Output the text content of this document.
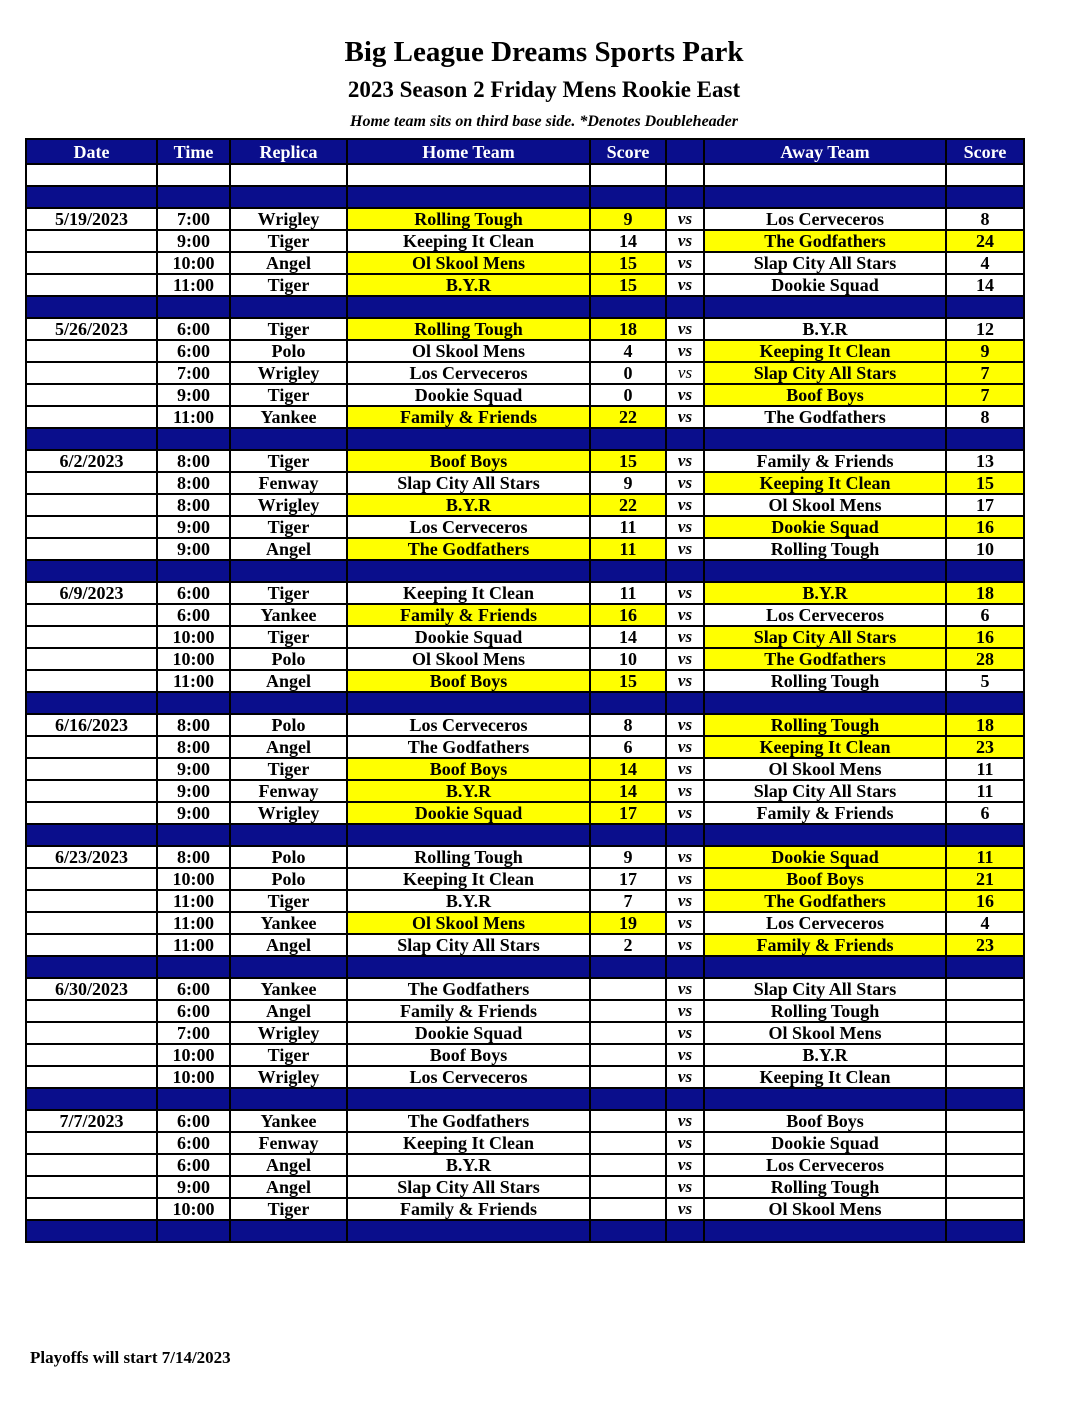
Big League Dreams Sports Park
2023 Season 2 Friday Mens Rookie East
Home team sits on third base side. *Denotes Doubleheader
Date	Time	Replica	Home Team	Score		Away Team	Score

5/19/2023	7:00	Wrigley	Rolling Tough	9	vs	Los Cerveceros	8
	9:00	Tiger	Keeping It Clean	14	vs	The Godfathers	24
	10:00	Angel	Ol Skool Mens	15	vs	Slap City All Stars	4
	11:00	Tiger	B.Y.R	15	vs	Dookie Squad	14

5/26/2023	6:00	Tiger	Rolling Tough	18	vs	B.Y.R	12
	6:00	Polo	Ol Skool Mens	4	vs	Keeping It Clean	9
	7:00	Wrigley	Los Cerveceros	0	vs	Slap City All Stars	7
	9:00	Tiger	Dookie Squad	0	vs	Boof Boys	7
	11:00	Yankee	Family & Friends	22	vs	The Godfathers	8

6/2/2023	8:00	Tiger	Boof Boys	15	vs	Family & Friends	13
	8:00	Fenway	Slap City All Stars	9	vs	Keeping It Clean	15
	8:00	Wrigley	B.Y.R	22	vs	Ol Skool Mens	17
	9:00	Tiger	Los Cerveceros	11	vs	Dookie Squad	16
	9:00	Angel	The Godfathers	11	vs	Rolling Tough	10

6/9/2023	6:00	Tiger	Keeping It Clean	11	vs	B.Y.R	18
	6:00	Yankee	Family & Friends	16	vs	Los Cerveceros	6
	10:00	Tiger	Dookie Squad	14	vs	Slap City All Stars	16
	10:00	Polo	Ol Skool Mens	10	vs	The Godfathers	28
	11:00	Angel	Boof Boys	15	vs	Rolling Tough	5

6/16/2023	8:00	Polo	Los Cerveceros	8	vs	Rolling Tough	18
	8:00	Angel	The Godfathers	6	vs	Keeping It Clean	23
	9:00	Tiger	Boof Boys	14	vs	Ol Skool Mens	11
	9:00	Fenway	B.Y.R	14	vs	Slap City All Stars	11
	9:00	Wrigley	Dookie Squad	17	vs	Family & Friends	6

6/23/2023	8:00	Polo	Rolling Tough	9	vs	Dookie Squad	11
	10:00	Polo	Keeping It Clean	17	vs	Boof Boys	21
	11:00	Tiger	B.Y.R	7	vs	The Godfathers	16
	11:00	Yankee	Ol Skool Mens	19	vs	Los Cerveceros	4
	11:00	Angel	Slap City All Stars	2	vs	Family & Friends	23

6/30/2023	6:00	Yankee	The Godfathers		vs	Slap City All Stars	
	6:00	Angel	Family & Friends		vs	Rolling Tough	
	7:00	Wrigley	Dookie Squad		vs	Ol Skool Mens	
	10:00	Tiger	Boof Boys		vs	B.Y.R	
	10:00	Wrigley	Los Cerveceros		vs	Keeping It Clean	

7/7/2023	6:00	Yankee	The Godfathers		vs	Boof Boys	
	6:00	Fenway	Keeping It Clean		vs	Dookie Squad	
	6:00	Angel	B.Y.R		vs	Los Cerveceros	
	9:00	Angel	Slap City All Stars		vs	Rolling Tough	
	10:00	Tiger	Family & Friends		vs	Ol Skool Mens	

Playoffs will start 7/14/2023
